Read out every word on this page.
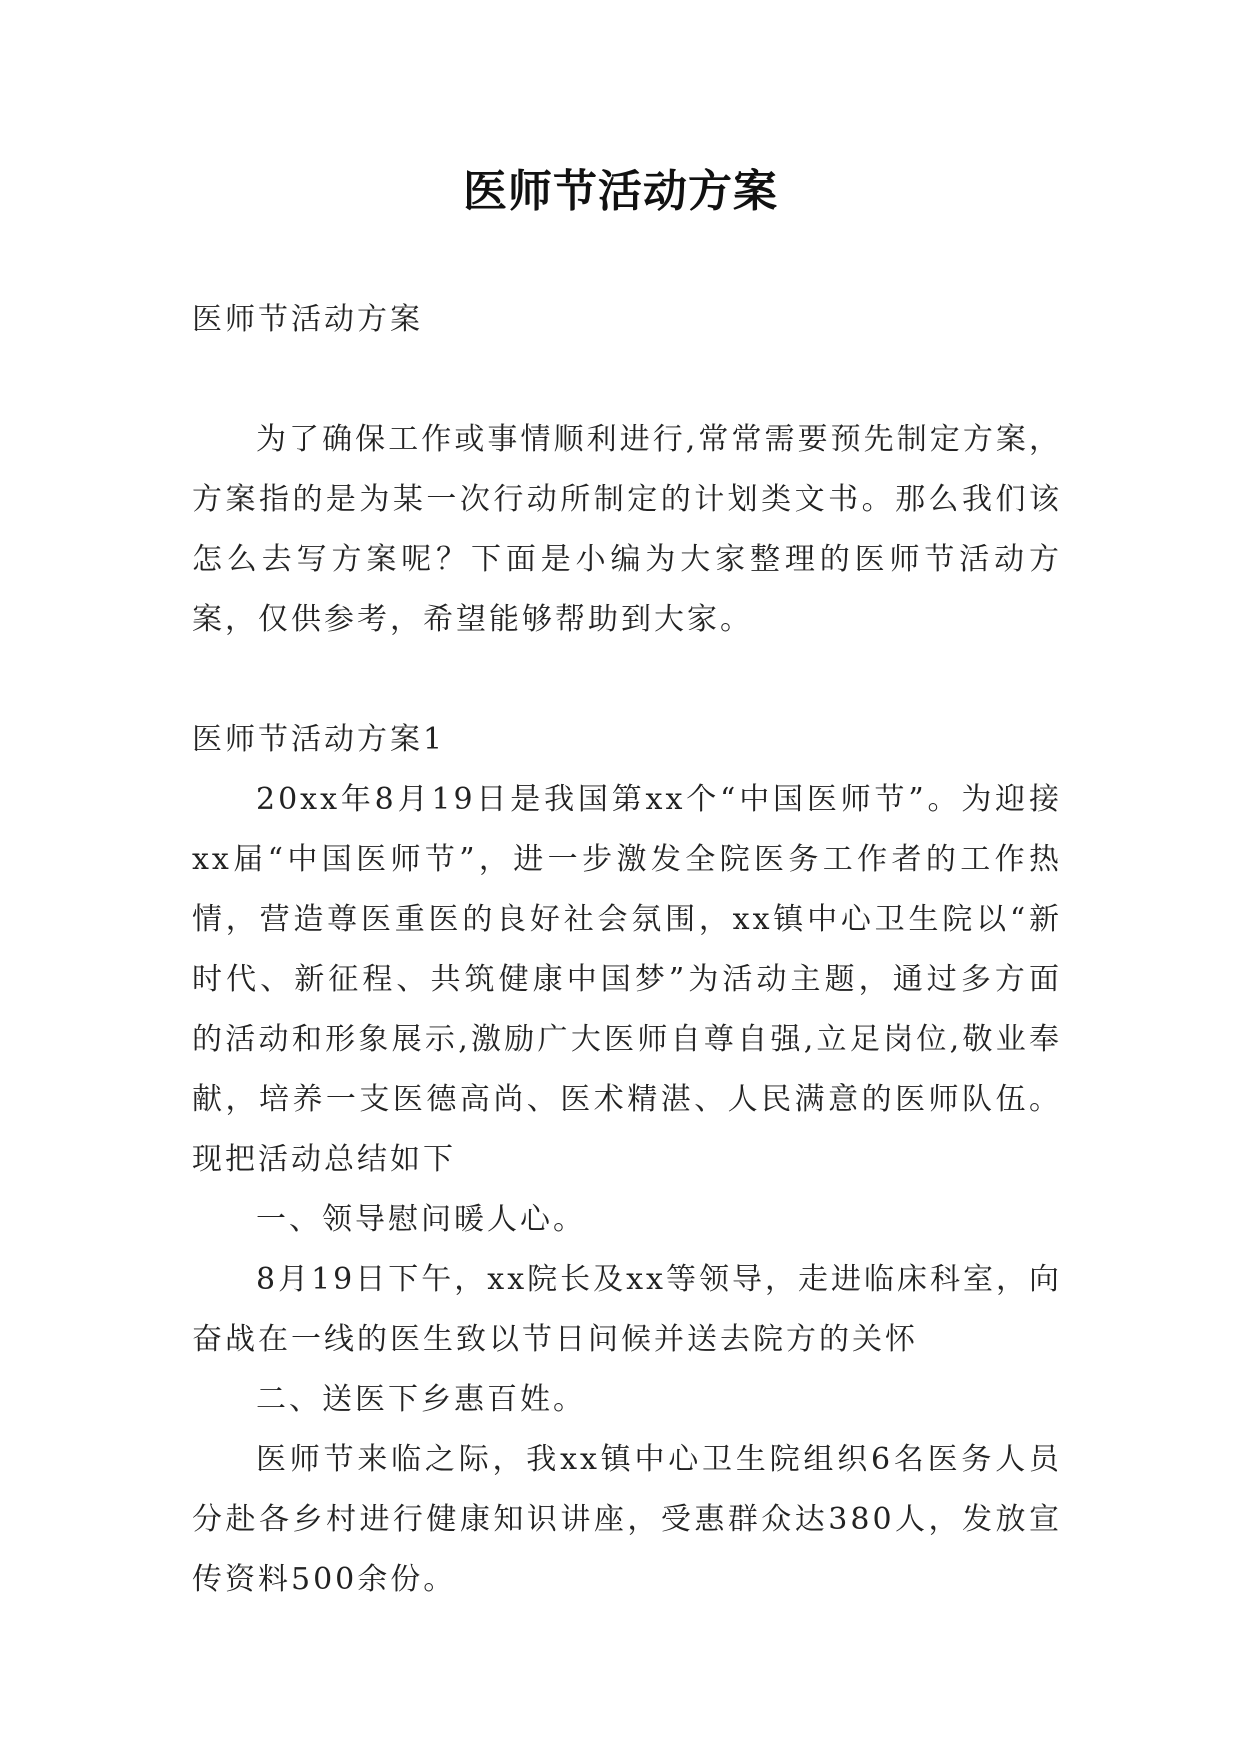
医师节活动方案

医师节活动方案

为了确保工作或事情顺利进行,常常需要预先制定方案，方案指的是为某一次行动所制定的计划类文书。那么我们该怎么去写方案呢？下面是小编为大家整理的医师节活动方案，仅供参考，希望能够帮助到大家。

医师节活动方案1

20xx年8月19日是我国第xx个“中国医师节”。为迎接xx届“中国医师节”，进一步激发全院医务工作者的工作热情，营造尊医重医的良好社会氛围，xx镇中心卫生院以“新时代、新征程、共筑健康中国梦”为活动主题，通过多方面的活动和形象展示,激励广大医师自尊自强,立足岗位,敬业奉献，培养一支医德高尚、医术精湛、人民满意的医师队伍。现把活动总结如下

一、领导慰问暖人心。

8月19日下午，xx院长及xx等领导，走进临床科室，向奋战在一线的医生致以节日问候并送去院方的关怀

二、送医下乡惠百姓。

医师节来临之际，我xx镇中心卫生院组织6名医务人员分赴各乡村进行健康知识讲座，受惠群众达380人，发放宣传资料500余份。
